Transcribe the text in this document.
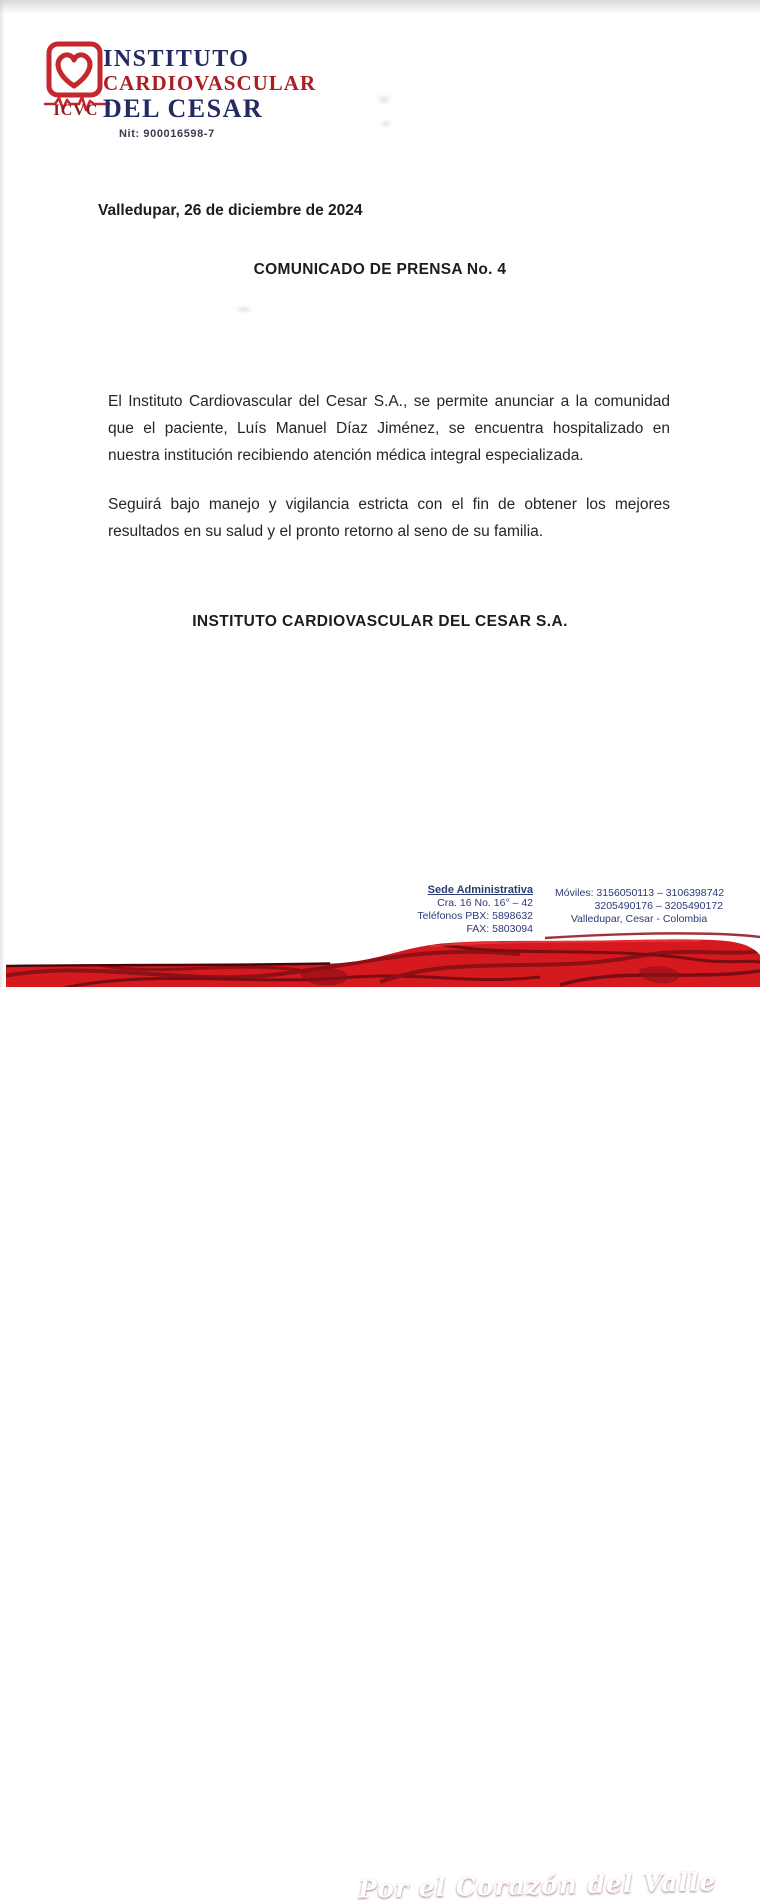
ICVC
INSTITUTO
CARDIOVASCULAR
DEL CESAR
Nit: 900016598-7
Valledupar, 26 de diciembre de 2024
COMUNICADO DE PRENSA No. 4

El Instituto Cardiovascular del Cesar S.A., se permite anunciar a la comunidad que el paciente, Luís Manuel Díaz Jiménez, se encuentra hospitalizado en nuestra institución recibiendo atención médica integral especializada.

Seguirá bajo manejo y vigilancia estricta con el fin de obtener los mejores resultados en su salud y el pronto retorno al seno de su familia.

INSTITUTO CARDIOVASCULAR DEL CESAR S.A.
Sede Administrativa
Cra. 16 No. 16° – 42
Teléfonos PBX: 5898632
FAX: 5803094
Móviles: 3156050113 – 3106398742
3205490176 – 3205490172
Valledupar, Cesar - Colombia
Por el Corazón del Valle
